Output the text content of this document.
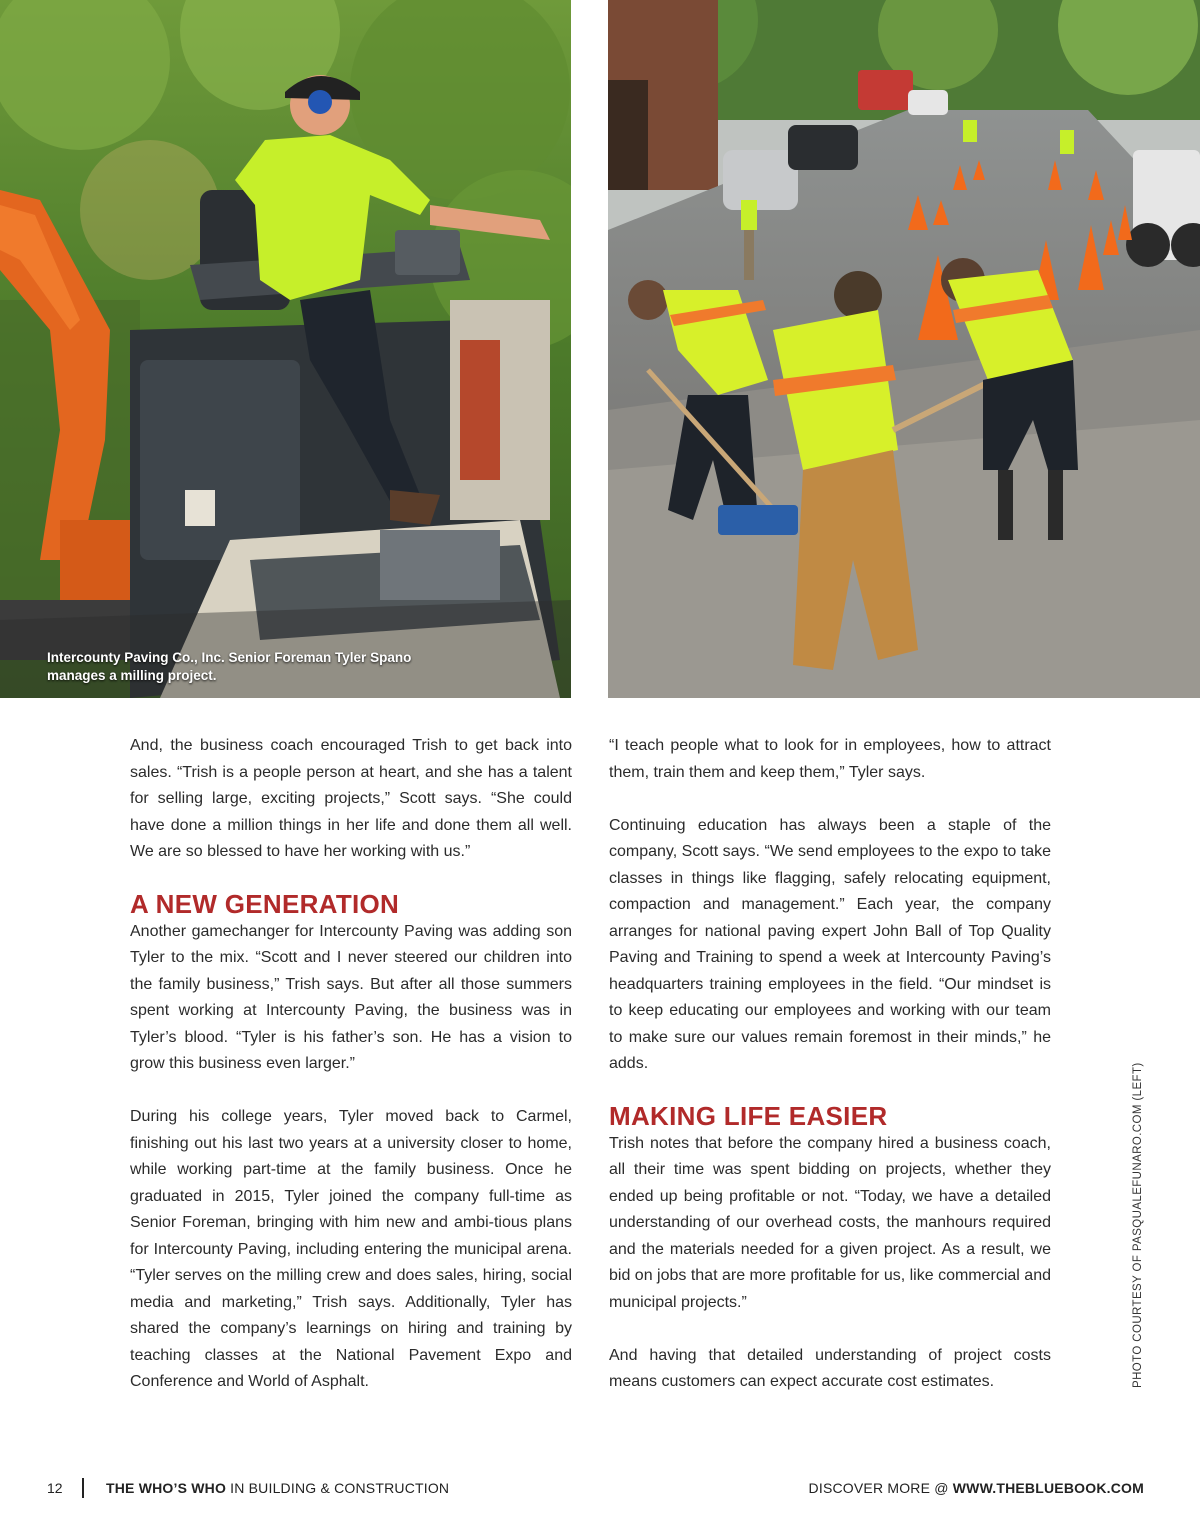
Intercounty Paving Co., Inc. Senior Foreman Tyler Spano manages a milling project.

And, the business coach encouraged Trish to get back into sales. “Trish is a people person at heart, and she has a talent for selling large, exciting projects,” Scott says. “She could have done a million things in her life and done them all well. We are so blessed to have her working with us.”

A NEW GENERATION

Another gamechanger for Intercounty Paving was adding son Tyler to the mix. “Scott and I never steered our children into the family business,” Trish says. But after all those summers spent working at Intercounty Paving, the business was in Tyler’s blood. “Tyler is his father’s son. He has a vision to grow this business even larger.”

During his college years, Tyler moved back to Carmel, finishing out his last two years at a university closer to home, while working part-time at the family business. Once he graduated in 2015, Tyler joined the company full-time as Senior Foreman, bringing with him new and ambi-tious plans for Intercounty Paving, including entering the municipal arena. “Tyler serves on the milling crew and does sales, hiring, social media and marketing,” Trish says. Additionally, Tyler has shared the company’s learnings on hiring and training by teaching classes at the National Pavement Expo and Conference and World of Asphalt.

“I teach people what to look for in employees, how to attract them, train them and keep them,” Tyler says.

Continuing education has always been a staple of the company, Scott says. “We send employees to the expo to take classes in things like flagging, safely relocating equipment, compaction and management.” Each year, the company arranges for national paving expert John Ball of Top Quality Paving and Training to spend a week at Intercounty Paving’s headquarters training employees in the field. “Our mindset is to keep educating our employees and working with our team to make sure our values remain foremost in their minds,” he adds.

MAKING LIFE EASIER

Trish notes that before the company hired a business coach, all their time was spent bidding on projects, whether they ended up being profitable or not. “Today, we have a detailed understanding of our overhead costs, the manhours required and the materials needed for a given project. As a result, we bid on jobs that are more profitable for us, like commercial and municipal projects.”

And having that detailed understanding of project costs means customers can expect accurate cost estimates.	PHOTO COURTESY OF PASQUALEFUNARO.COM (LEFT)
12	THE WHO’S WHO IN BUILDING & CONSTRUCTION	DISCOVER MORE @ WWW.THEBLUEBOOK.COM
